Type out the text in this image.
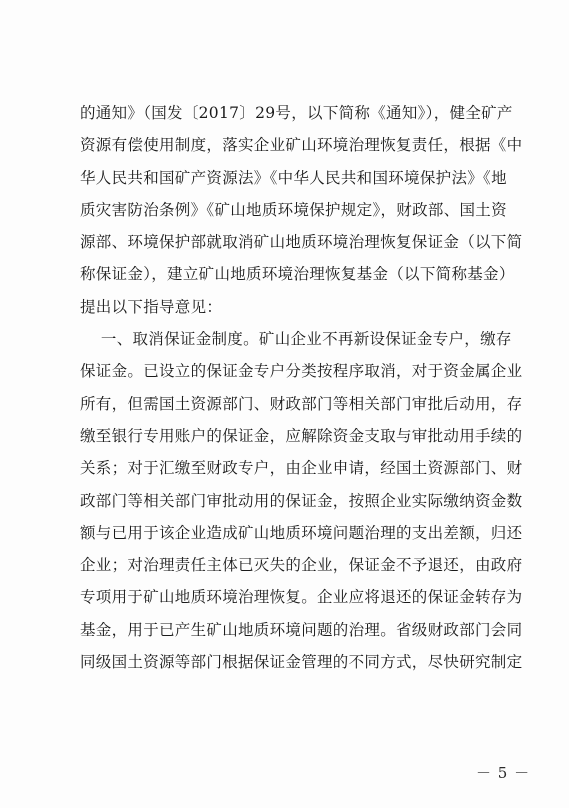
的通知》（国发〔2017〕29号，以下简称《通知》），健全矿产
资源有偿使用制度，落实企业矿山环境治理恢复责任，根据《中
华人民共和国矿产资源法》《中华人民共和国环境保护法》《地
质灾害防治条例》《矿山地质环境保护规定》，财政部、国土资
源部、环境保护部就取消矿山地质环境治理恢复保证金（以下简
称保证金），建立矿山地质环境治理恢复基金（以下简称基金）
提出以下指导意见：
一、取消保证金制度。矿山企业不再新设保证金专户，缴存
保证金。已设立的保证金专户分类按程序取消，对于资金属企业
所有，但需国土资源部门、财政部门等相关部门审批后动用，存
缴至银行专用账户的保证金，应解除资金支取与审批动用手续的
关系；对于汇缴至财政专户，由企业申请，经国土资源部门、财
政部门等相关部门审批动用的保证金，按照企业实际缴纳资金数
额与已用于该企业造成矿山地质环境问题治理的支出差额，归还
企业；对治理责任主体已灭失的企业，保证金不予退还，由政府
专项用于矿山地质环境治理恢复。企业应将退还的保证金转存为
基金，用于已产生矿山地质环境问题的治理。省级财政部门会同
同级国土资源等部门根据保证金管理的不同方式，尽快研究制定
－ 5 －
